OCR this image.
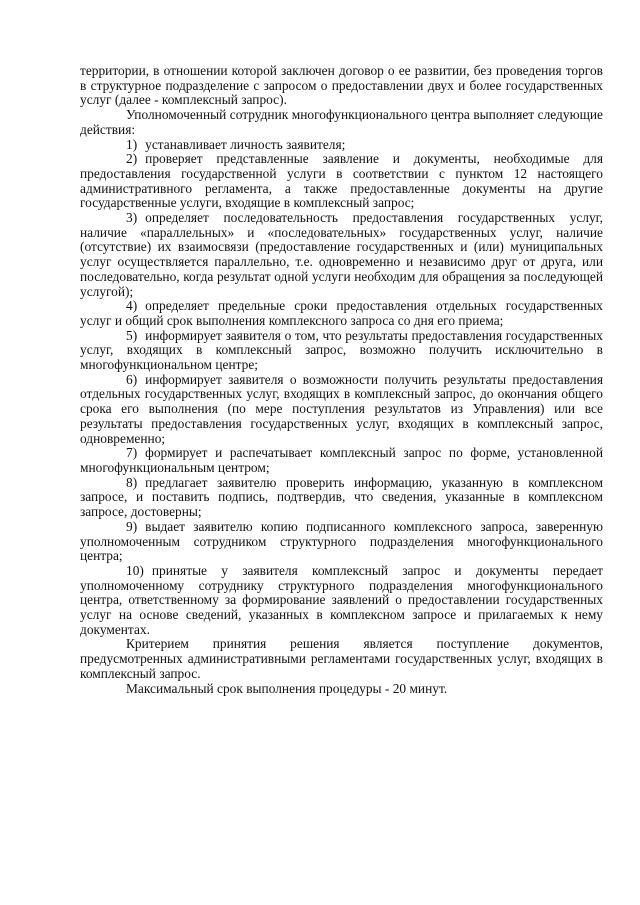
территории, в отношении которой заключен договор о ее развитии, без проведения торгов в структурное подразделение с запросом о предоставлении двух и более государственных услуг (далее - комплексный запрос).

Уполномоченный сотрудник многофункционального центра выполняет следующие действия:

1) устанавливает личность заявителя;

2) проверяет представленные заявление и документы, необходимые для предоставления государственной услуги в соответствии с пунктом 12 настоящего административного регламента, а также предоставленные документы на другие государственные услуги, входящие в комплексный запрос;

3) определяет последовательность предоставления государственных услуг, наличие «параллельных» и «последовательных» государственных услуг, наличие (отсутствие) их взаимосвязи (предоставление государственных и (или) муниципальных услуг осуществляется параллельно, т.е. одновременно и независимо друг от друга, или последовательно, когда результат одной услуги необходим для обращения за последующей услугой);

4) определяет предельные сроки предоставления отдельных государственных услуг и общий срок выполнения комплексного запроса со дня его приема;

5) информирует заявителя о том, что результаты предоставления государственных услуг, входящих в комплексный запрос, возможно получить исключительно в многофункциональном центре;

6) информирует заявителя о возможности получить результаты предоставления отдельных государственных услуг, входящих в комплексный запрос, до окончания общего срока его выполнения (по мере поступления результатов из Управления) или все результаты предоставления государственных услуг, входящих в комплексный запрос, одновременно;

7) формирует и распечатывает комплексный запрос по форме, установленной многофункциональным центром;

8) предлагает заявителю проверить информацию, указанную в комплексном запросе, и поставить подпись, подтвердив, что сведения, указанные в комплексном запросе, достоверны;

9) выдает заявителю копию подписанного комплексного запроса, заверенную уполномоченным сотрудником структурного подразделения многофункционального центра;

10) принятые у заявителя комплексный запрос и документы передает уполномоченному сотруднику структурного подразделения многофункционального центра, ответственному за формирование заявлений о предоставлении государственных услуг на основе сведений, указанных в комплексном запросе и прилагаемых к нему документах.

Критерием принятия решения является поступление документов, предусмотренных административными регламентами государственных услуг, входящих в комплексный запрос.

Максимальный срок выполнения процедуры - 20 минут.
